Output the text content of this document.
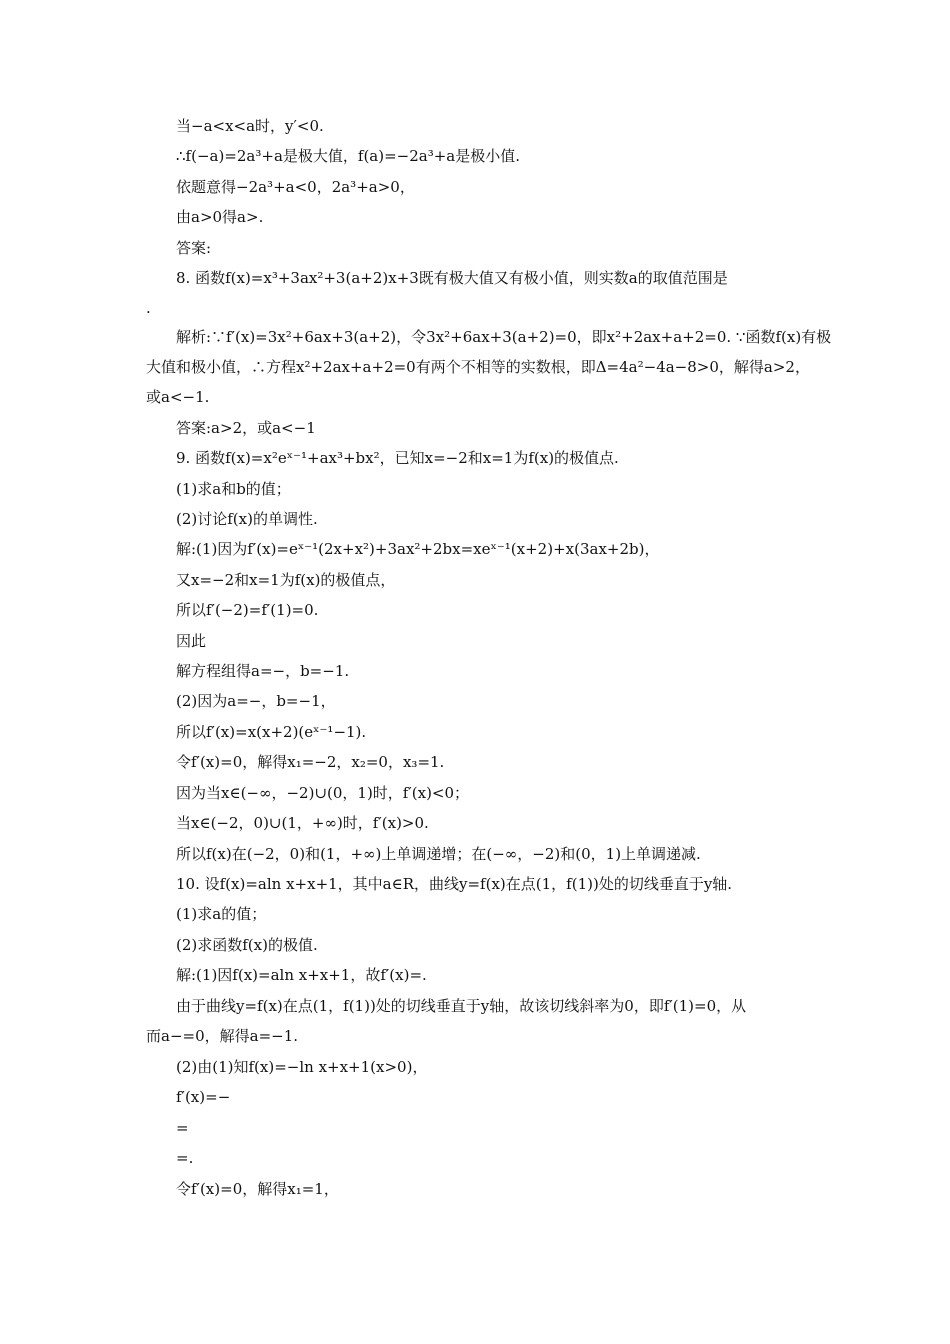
当−a<x<a时，y′<0.
∴f(−a)=2a³+a是极大值，f(a)=−2a³+a是极小值.
依题意得−2a³+a<0，2a³+a>0，
由a>0得a>.
答案:
8. 函数f(x)=x³+3ax²+3(a+2)x+3既有极大值又有极小值，则实数a的取值范围是
.
解析:∵f′(x)=3x²+6ax+3(a+2)，令3x²+6ax+3(a+2)=0，即x²+2ax+a+2=0. ∵函数f(x)有极
大值和极小值，∴方程x²+2ax+a+2=0有两个不相等的实数根，即Δ=4a²−4a−8>0，解得a>2，
或a<−1.
答案:a>2，或a<−1
9. 函数f(x)=x²eˣ⁻¹+ax³+bx²，已知x=−2和x=1为f(x)的极值点.
(1)求a和b的值；
(2)讨论f(x)的单调性.
解:(1)因为f′(x)=eˣ⁻¹(2x+x²)+3ax²+2bx=xeˣ⁻¹(x+2)+x(3ax+2b)，
又x=−2和x=1为f(x)的极值点，
所以f′(−2)=f′(1)=0.
因此
解方程组得a=−，b=−1.
(2)因为a=−，b=−1，
所以f′(x)=x(x+2)(eˣ⁻¹−1).
令f′(x)=0，解得x₁=−2，x₂=0，x₃=1.
因为当x∈(−∞，−2)∪(0，1)时，f′(x)<0；
当x∈(−2，0)∪(1，+∞)时，f′(x)>0.
所以f(x)在(−2，0)和(1，+∞)上单调递增；在(−∞，−2)和(0，1)上单调递减.
10. 设f(x)=aln x+x+1，其中a∈R，曲线y=f(x)在点(1，f(1))处的切线垂直于y轴.
(1)求a的值；
(2)求函数f(x)的极值.
解:(1)因f(x)=aln x+x+1，故f′(x)=.
由于曲线y=f(x)在点(1，f(1))处的切线垂直于y轴，故该切线斜率为0，即f′(1)=0，从
而a−=0，解得a=−1.
(2)由(1)知f(x)=−ln x+x+1(x>0)，
f′(x)=−
=
=.
令f′(x)=0，解得x₁=1，
